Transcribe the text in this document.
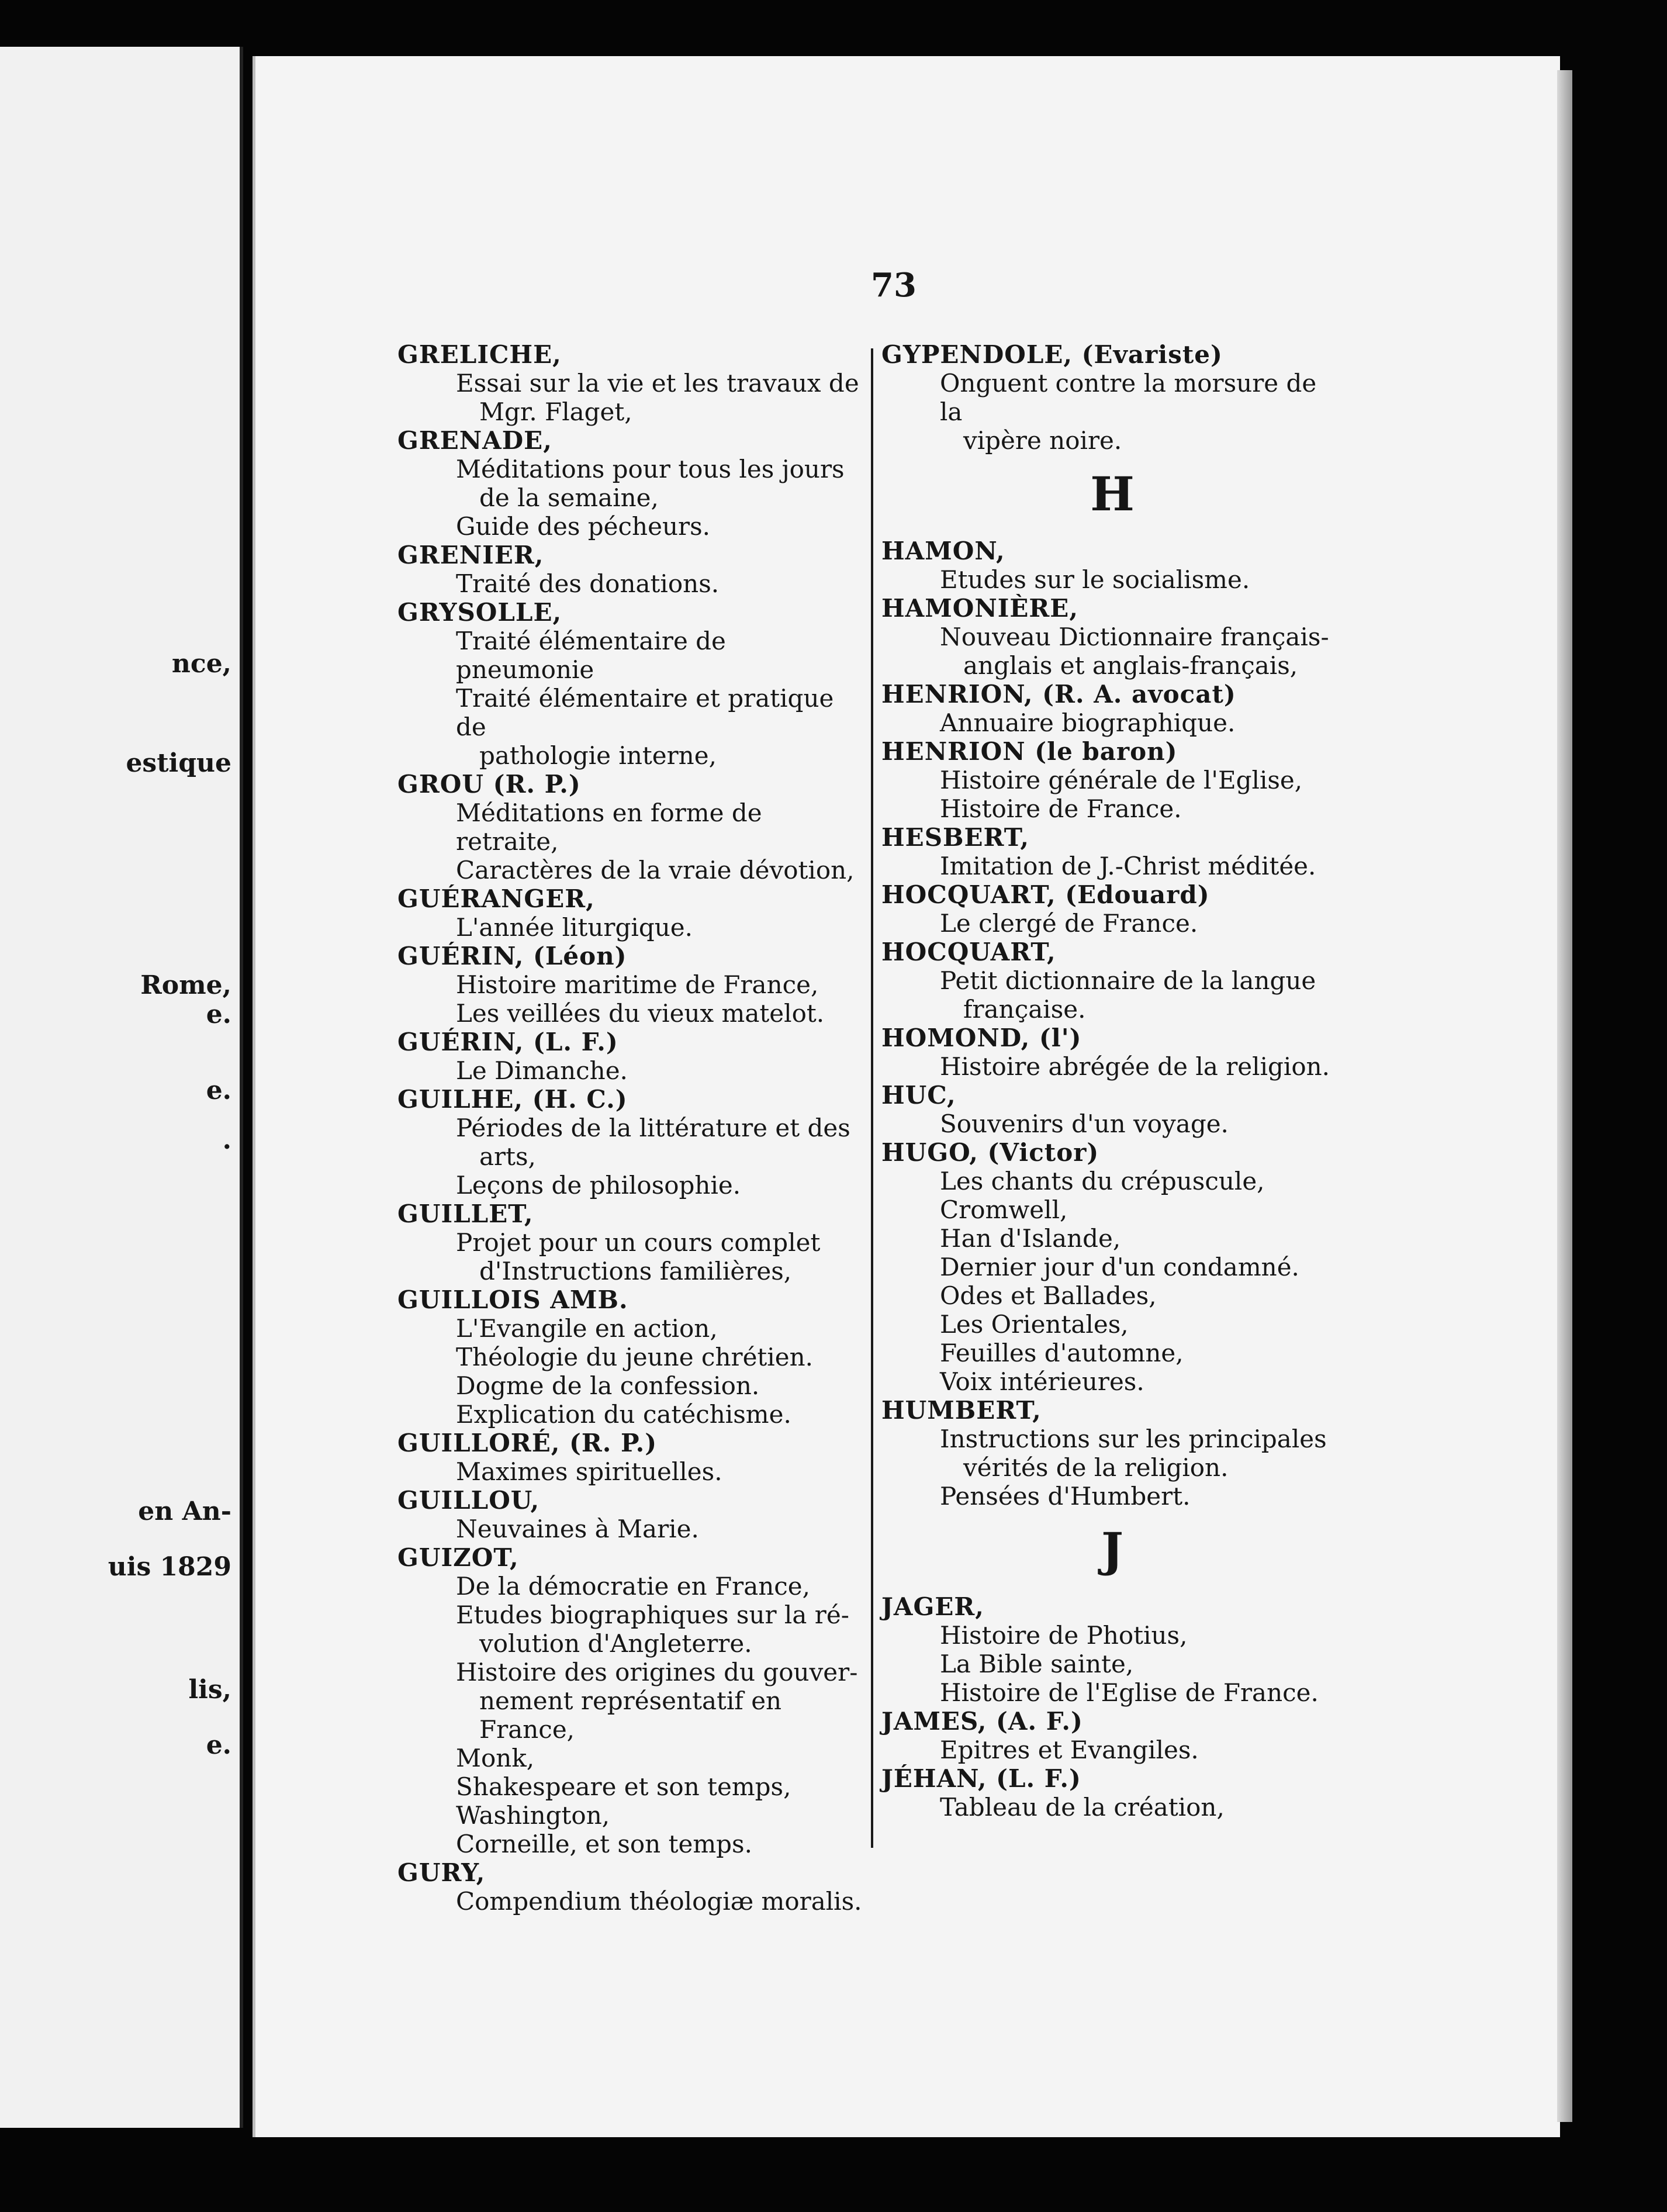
nce,
estique
Rome,
e.
e.
.
en An-
uis 1829
lis,
e.
73
GRELICHE,
Essai sur la vie et les travaux de
Mgr. Flaget,
GRENADE,
Méditations pour tous les jours
de la semaine,
Guide des pécheurs.
GRENIER,
Traité des donations.
GRYSOLLE,
Traité élémentaire de pneumonie
Traité élémentaire et pratique de
pathologie interne,
GROU (R. P.)
Méditations en forme de retraite,
Caractères de la vraie dévotion,
GUÉRANGER,
L'année liturgique.
GUÉRIN, (Léon)
Histoire maritime de France,
Les veillées du vieux matelot.
GUÉRIN, (L. F.)
Le Dimanche.
GUILHE, (H. C.)
Périodes de la littérature et des
arts,
Leçons de philosophie.
GUILLET,
Projet pour un cours complet
d'Instructions familières,
GUILLOIS AMB.
L'Evangile en action,
Théologie du jeune chrétien.
Dogme de la confession.
Explication du catéchisme.
GUILLORÉ, (R. P.)
Maximes spirituelles.
GUILLOU,
Neuvaines à Marie.
GUIZOT,
De la démocratie en France,
Etudes biographiques sur la ré-
volution d'Angleterre.
Histoire des origines du gouver-
nement représentatif en France,
Monk,
Shakespeare et son temps,
Washington,
Corneille, et son temps.
GURY,
Compendium théologiæ moralis.
GYPENDOLE, (Evariste)
Onguent contre la morsure de la
vipère noire.
H
HAMON,
Etudes sur le socialisme.
HAMONIÈRE,
Nouveau Dictionnaire français-
anglais et anglais-français,
HENRION, (R. A. avocat)
Annuaire biographique.
HENRION (le baron)
Histoire générale de l'Eglise,
Histoire de France.
HESBERT,
Imitation de J.-Christ méditée.
HOCQUART, (Edouard)
Le clergé de France.
HOCQUART,
Petit dictionnaire de la langue
française.
HOMOND, (l')
Histoire abrégée de la religion.
HUC,
Souvenirs d'un voyage.
HUGO, (Victor)
Les chants du crépuscule,
Cromwell,
Han d'Islande,
Dernier jour d'un condamné.
Odes et Ballades,
Les Orientales,
Feuilles d'automne,
Voix intérieures.
HUMBERT,
Instructions sur les principales
vérités de la religion.
Pensées d'Humbert.
J
JAGER,
Histoire de Photius,
La Bible sainte,
Histoire de l'Eglise de France.
JAMES, (A. F.)
Epitres et Evangiles.
JÉHAN, (L. F.)
Tableau de la création,
